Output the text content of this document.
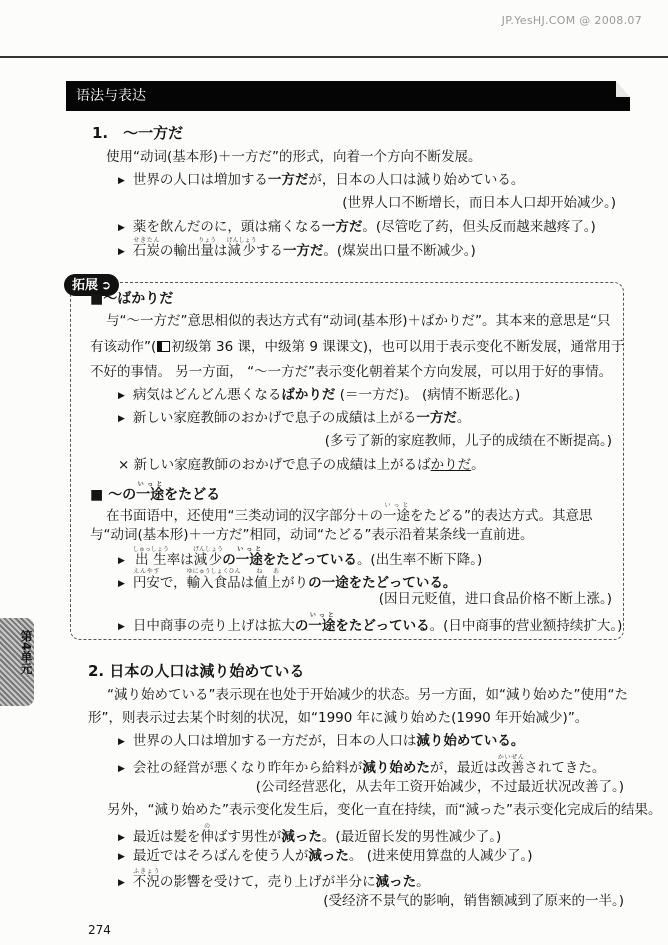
JP.YesHJ.COM @ 2008.07
语法与表达
1.　～一方だ
使用“动词(基本形)＋一方だ”的形式，向着一个方向不断发展。
▶ 世界の人口は増加する一方だが，日本の人口は減り始めている。
(世界人口不断增长，而日本人口却开始减少。)
▶ 薬を飲んだのに，頭は痛くなる一方だ。(尽管吃了药，但头反而越来越疼了。)
▶ 石炭せきたんの輸出量りょうは減少げんしょうする一方だ。(煤炭出口量不断减少。)
拓展 ➲
■～ばかりだ
与“～一方だ”意思相似的表达方式有“动词(基本形)＋ばかりだ”。其本来的意思是“只
有该动作”( 初级第 36 课，中级第 9 课课文)，也可以用于表示变化不断发展，通常用于
不好的事情。 另一方面， “～一方だ”表示变化朝着某个方向发展，可以用于好的事情。
▶ 病気はどんどん悪くなるばかりだ (＝一方だ)。 (病情不断恶化。)
▶ 新しい家庭教師のおかげで息子の成績は上がる一方だ。
(多亏了新的家庭教师，儿子的成绩在不断提高。)
× 新しい家庭教師のおかげで息子の成績は上がるばかりだ。
■ ～の一途いっとをたどる
在书面语中，还使用“三类动词的汉字部分＋の一途いっとをたどる”的表达方式。其意思
与“动词(基本形)＋一方だ”相同，动词“たどる”表示沿着某条线一直前进。
▶ 出生しゅっしょう率は減少げんしょうの一途いっとをたどっている。(出生率不断下降。)
▶ 円安えんやすで，輸入食品ゆにゅうしょくひんは値上ね あがりの一途をたどっている。
(因日元贬值，进口食品价格不断上涨。)
▶ 日中商事の売り上げは拡大の一途いっとをたどっている。(日中商事的营业额持续扩大。)
2. 日本の人口は減り始めている
“減り始めている”表示现在也处于开始减少的状态。另一方面，如“減り始めた”使用“た
形”，则表示过去某个时刻的状况，如“1990 年に減り始めた(1990 年开始减少)”。
▶ 世界の人口は増加する一方だが，日本の人口は減り始めている。
▶ 会社の経営が悪くなり昨年から給料が減り始めたが，最近は改善かいぜんされてきた。
(公司经营恶化，从去年工资开始减少，不过最近状况改善了。)
另外，“減り始めた”表示变化发生后，变化一直在持续，而“減った”表示变化完成后的结果。
▶ 最近は髪を伸のばす男性が減った。(最近留长发的男性减少了。)
▶ 最近ではそろばんを使う人が減った。 (进来使用算盘的人减少了。)
▶ 不況ふきょうの影響を受けて，売り上げが半分に減った。
(受经济不景气的影响，销售额减到了原来的一半。)
第4单元
274
